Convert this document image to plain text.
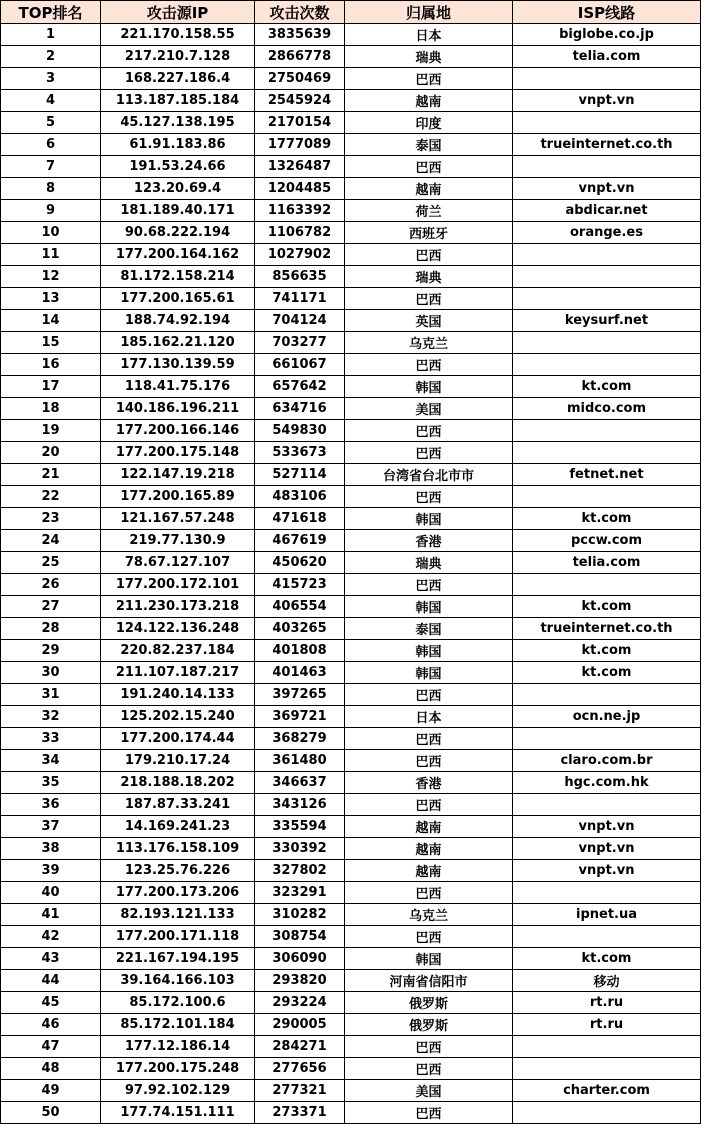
TOP排名	攻击源IP	攻击次数	归属地	ISP线路
1	221.170.158.55	3835639	日本	biglobe.co.jp
2	217.210.7.128	2866778	瑞典	telia.com
3	168.227.186.4	2750469	巴西	
4	113.187.185.184	2545924	越南	vnpt.vn
5	45.127.138.195	2170154	印度	
6	61.91.183.86	1777089	泰国	trueinternet.co.th
7	191.53.24.66	1326487	巴西	
8	123.20.69.4	1204485	越南	vnpt.vn
9	181.189.40.171	1163392	荷兰	abdicar.net
10	90.68.222.194	1106782	西班牙	orange.es
11	177.200.164.162	1027902	巴西	
12	81.172.158.214	856635	瑞典	
13	177.200.165.61	741171	巴西	
14	188.74.92.194	704124	英国	keysurf.net
15	185.162.21.120	703277	乌克兰	
16	177.130.139.59	661067	巴西	
17	118.41.75.176	657642	韩国	kt.com
18	140.186.196.211	634716	美国	midco.com
19	177.200.166.146	549830	巴西	
20	177.200.175.148	533673	巴西	
21	122.147.19.218	527114	台湾省台北市市	fetnet.net
22	177.200.165.89	483106	巴西	
23	121.167.57.248	471618	韩国	kt.com
24	219.77.130.9	467619	香港	pccw.com
25	78.67.127.107	450620	瑞典	telia.com
26	177.200.172.101	415723	巴西	
27	211.230.173.218	406554	韩国	kt.com
28	124.122.136.248	403265	泰国	trueinternet.co.th
29	220.82.237.184	401808	韩国	kt.com
30	211.107.187.217	401463	韩国	kt.com
31	191.240.14.133	397265	巴西	
32	125.202.15.240	369721	日本	ocn.ne.jp
33	177.200.174.44	368279	巴西	
34	179.210.17.24	361480	巴西	claro.com.br
35	218.188.18.202	346637	香港	hgc.com.hk
36	187.87.33.241	343126	巴西	
37	14.169.241.23	335594	越南	vnpt.vn
38	113.176.158.109	330392	越南	vnpt.vn
39	123.25.76.226	327802	越南	vnpt.vn
40	177.200.173.206	323291	巴西	
41	82.193.121.133	310282	乌克兰	ipnet.ua
42	177.200.171.118	308754	巴西	
43	221.167.194.195	306090	韩国	kt.com
44	39.164.166.103	293820	河南省信阳市	移动
45	85.172.100.6	293224	俄罗斯	rt.ru
46	85.172.101.184	290005	俄罗斯	rt.ru
47	177.12.186.14	284271	巴西	
48	177.200.175.248	277656	巴西	
49	97.92.102.129	277321	美国	charter.com
50	177.74.151.111	273371	巴西	
